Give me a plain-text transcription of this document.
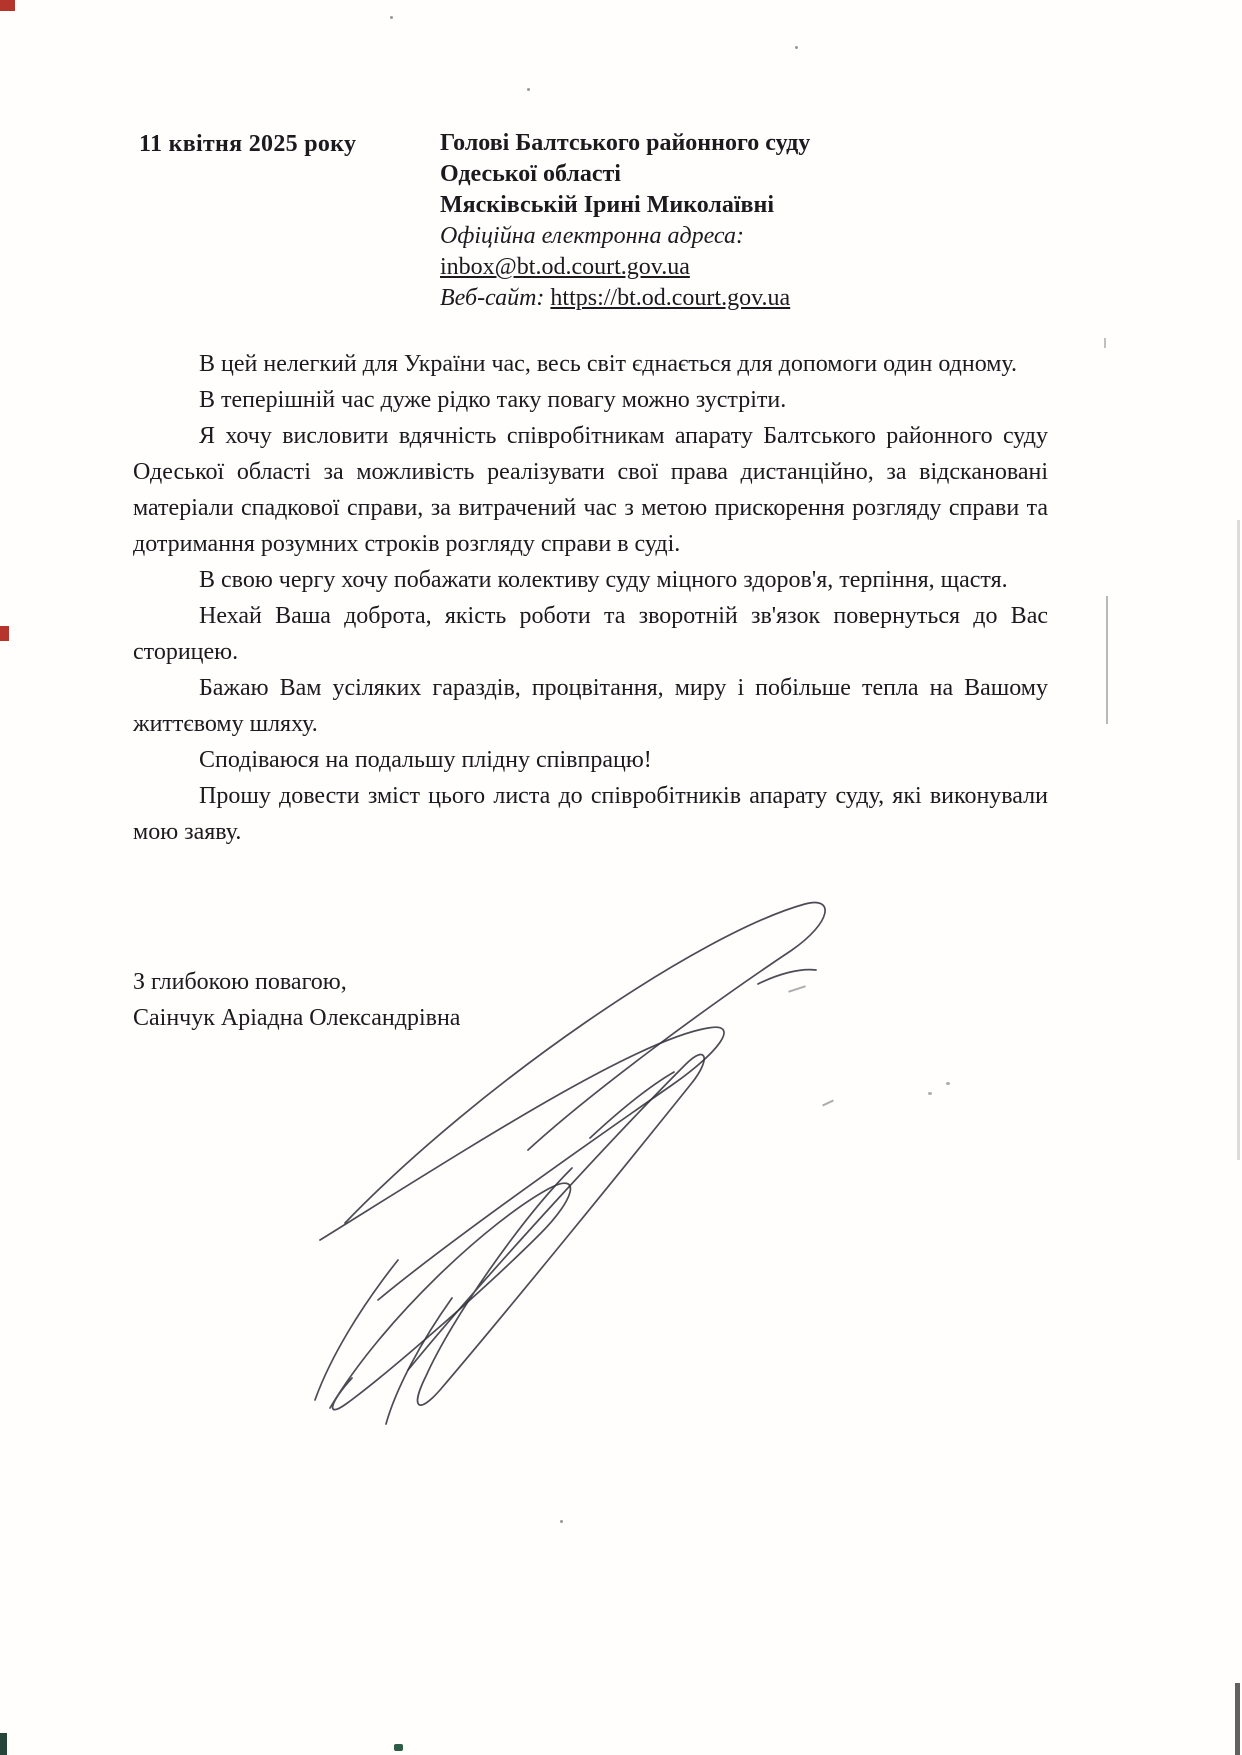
11 квітня 2025 року	Голові Балтського районного суду
Одеської області
Мясківській Ірині Миколаївні
Офіційна електронна адреса:
inbox@bt.od.court.gov.ua
Веб-сайт: https://bt.od.court.gov.ua

В цей нелегкий для України час, весь світ єднається для допомоги один одному.

В теперішній час дуже рідко таку повагу можно зустріти.

Я хочу висловити вдячність співробітникам апарату Балтського районного суду Одеської області за можливість реалізувати свої права дистанційно, за відскановані матеріали спадкової справи, за витрачений час з метою прискорення розгляду справи та дотримання розумних строків розгляду справи в суді.

В свою чергу хочу побажати колективу суду міцного здоров'я, терпіння, щастя.

Нехай Ваша доброта, якість роботи та зворотній зв'язок повернуться до Вас сторицею.

Бажаю Вам усіляких гараздів, процвітання, миру і побільше тепла на Вашому життєвому шляху.

Сподіваюся на подальшу плідну співпрацю!

Прошу довести зміст цього листа до співробітників апарату суду, які виконували мою заяву.

З глибокою повагою,
Саінчук Аріадна Олександрівна
